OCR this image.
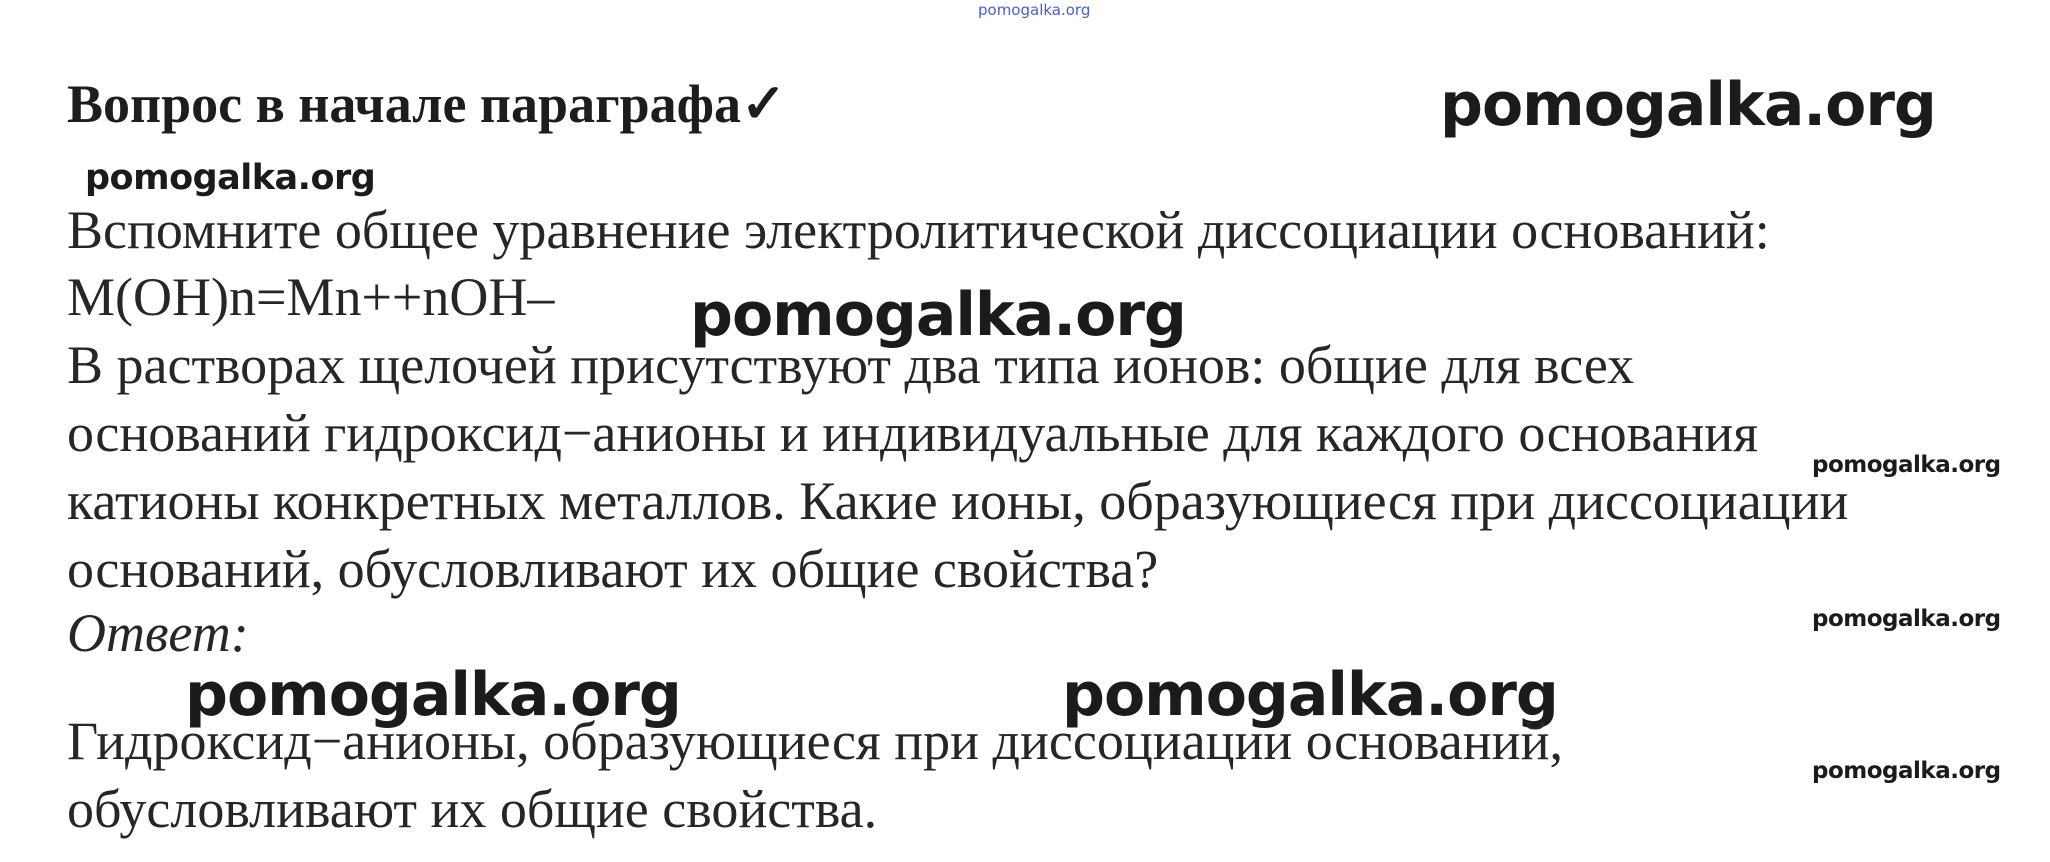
pomogalka.org
Вопрос в начале параграфа✓	pomogalka.org
pomogalka.org
Вспомните общее уравнение электролитической диссоциации оснований:
M(OH)n=Mn++nOH– pomogalka.org
В растворах щелочей присутствуют два типа ионов: общие для всех
оснований гидроксид−анионы и индивидуальные для каждого основания
pomogalka.org
катионы конкретных металлов. Какие ионы, образующиеся при диссоциации
оснований, обусловливают их общие свойства?
Ответ:	pomogalka.org
pomogalka.org	pomogalka.org
Гидроксид−анионы, образующиеся при диссоциации оснований,	pomogalka.org
обусловливают их общие свойства.
